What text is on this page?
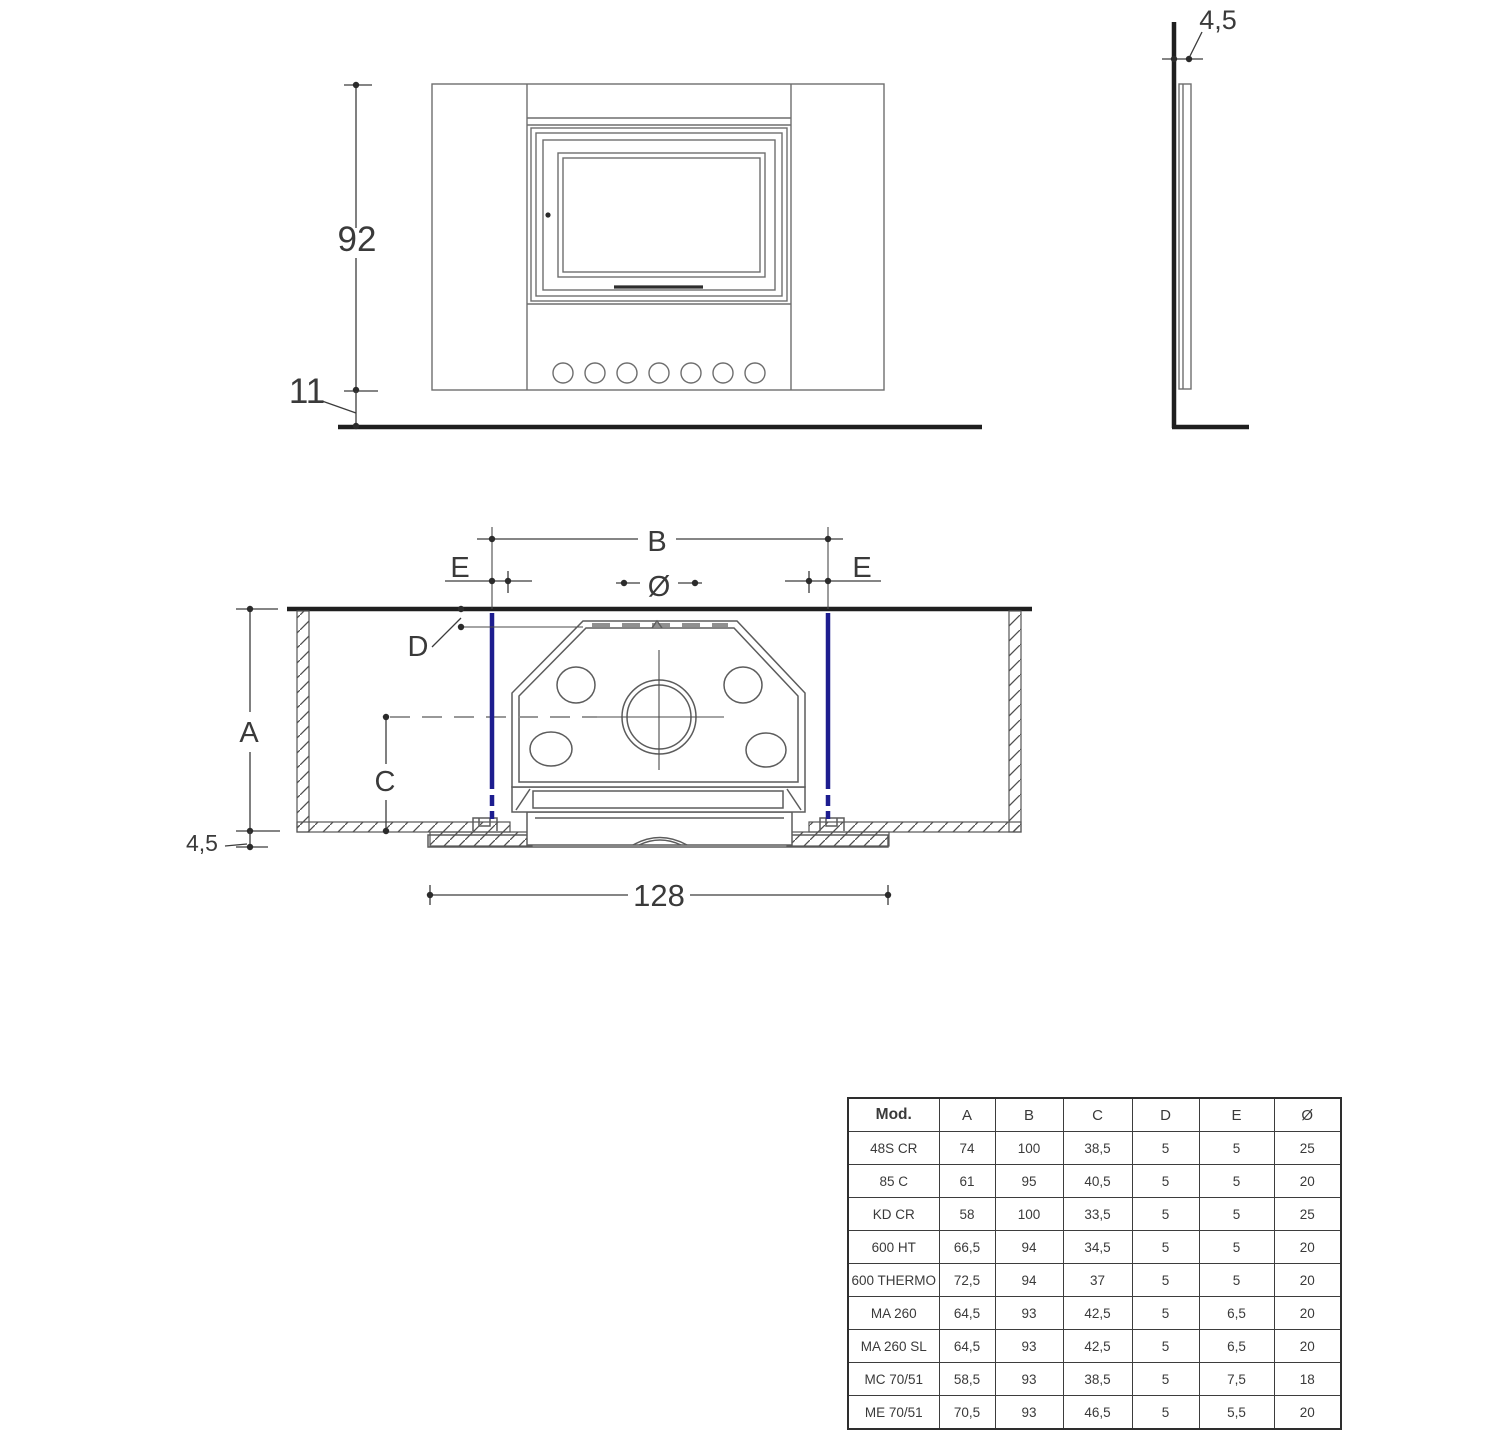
92
11
4,5
B
E	E
Ø
D
A
C
4,5
128
Mod.	A	B	C	D	E	Ø
48S CR	74	100	38,5	5	5	25
85 C	61	95	40,5	5	5	20
KD CR	58	100	33,5	5	5	25
600 HT	66,5	94	34,5	5	5	20
600 THERMO	72,5	94	37	5	5	20
MA 260	64,5	93	42,5	5	6,5	20
MA 260 SL	64,5	93	42,5	5	6,5	20
MC 70/51	58,5	93	38,5	5	7,5	18
ME 70/51	70,5	93	46,5	5	5,5	20
